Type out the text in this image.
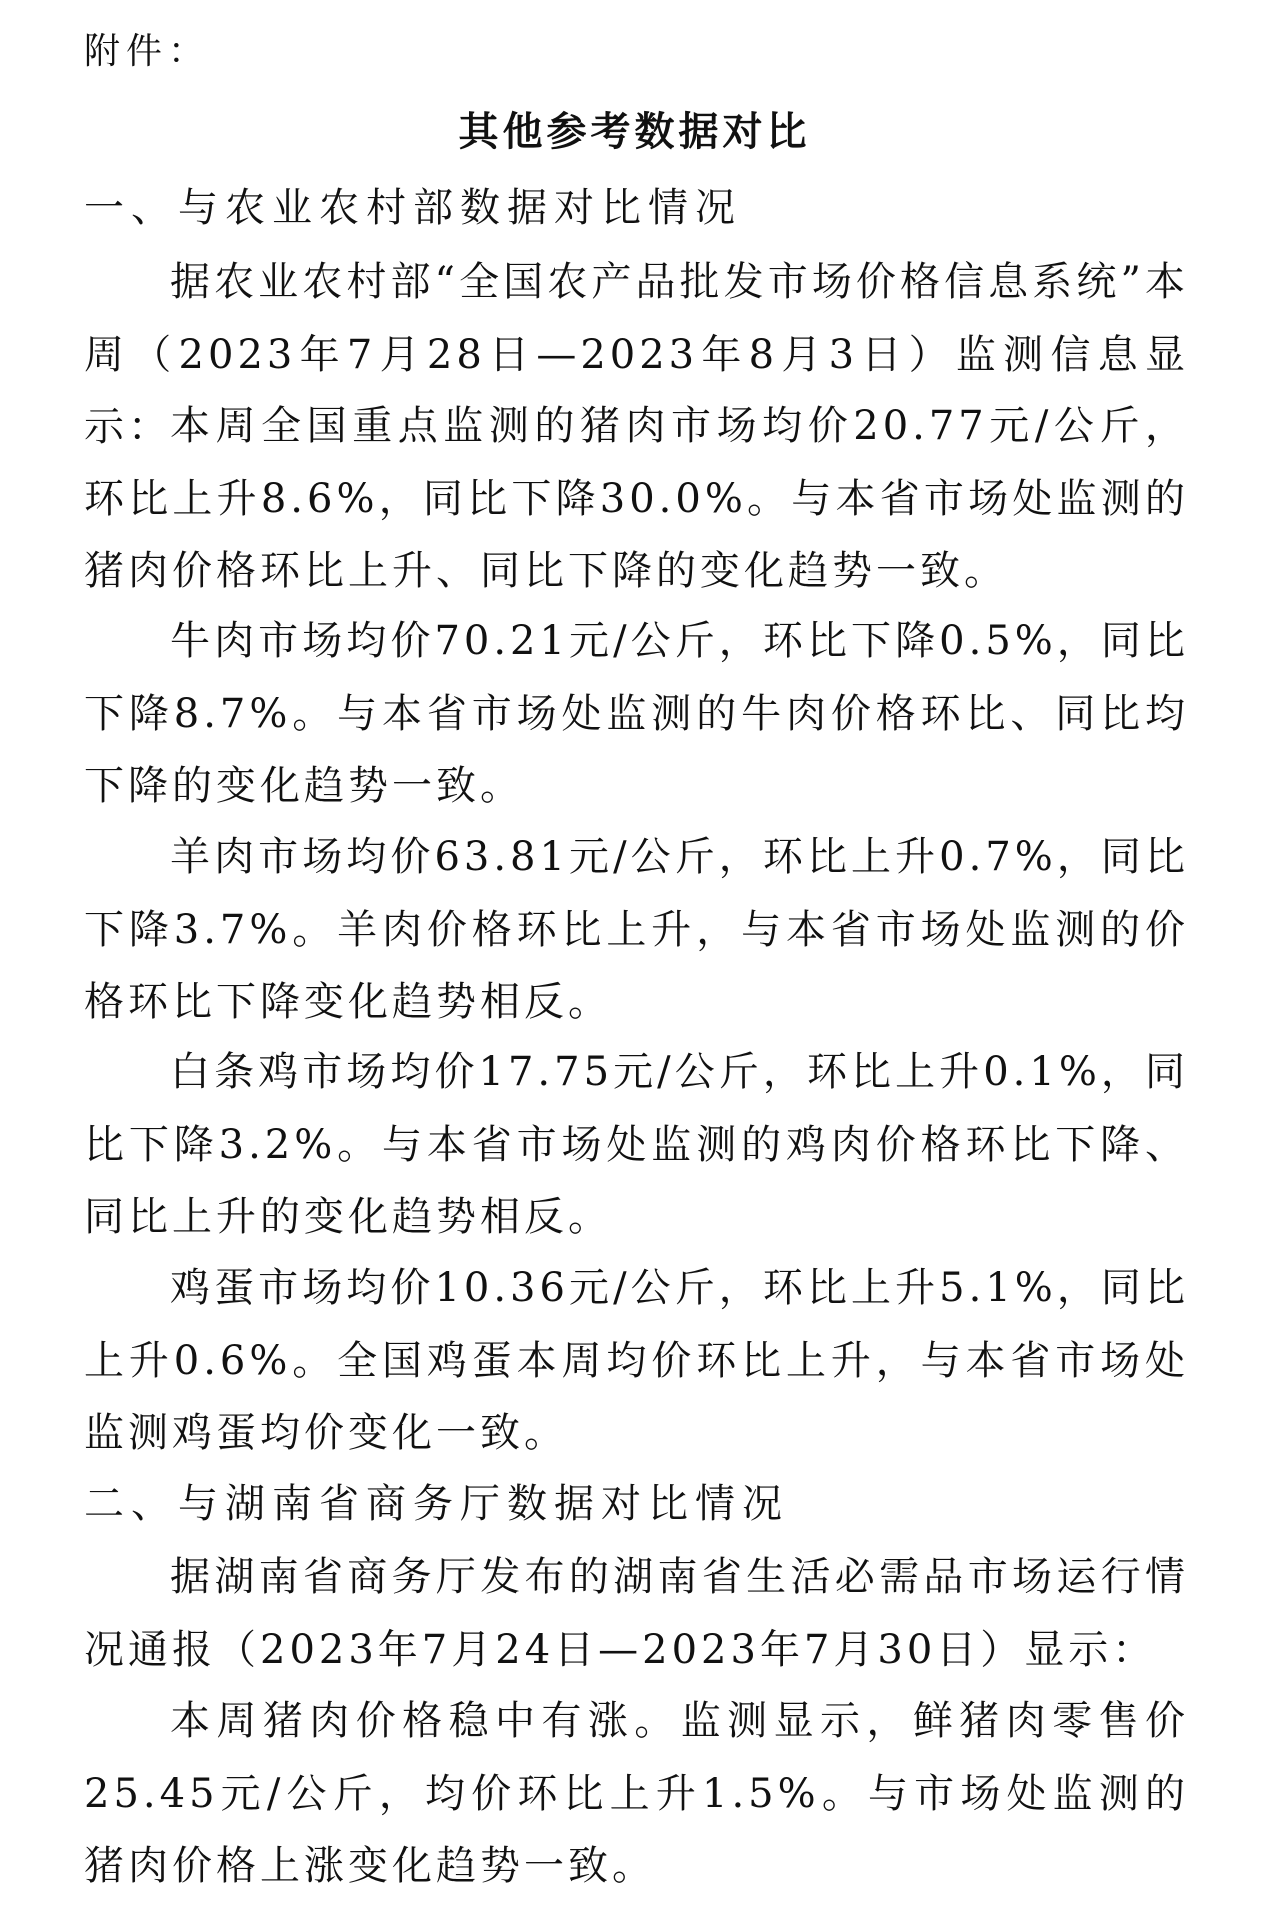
附件：
其他参考数据对比
一、与农业农村部数据对比情况

据农业农村部“全国农产品批发市场价格信息系统”本周（2023年7月28日—2023年8月3日）监测信息显示：

本周全国重点监测的猪肉市场均价20.77元/公斤，环比上升8.6%，同比下降30.0%。与本省市场处监测的猪肉价格环比上升、同比下降的变化趋势一致。

牛肉市场均价70.21元/公斤，环比下降0.5%，同比下降8.7%。与本省市场处监测的牛肉价格环比、同比均下降的变化趋势一致。

羊肉市场均价63.81元/公斤，环比上升0.7%，同比下降3.7%。羊肉价格环比上升，与本省市场处监测的价格环比下降变化趋势相反。

白条鸡市场均价17.75元/公斤，环比上升0.1%，同比下降3.2%。与本省市场处监测的鸡肉价格环比下降、同比上升的变化趋势相反。

鸡蛋市场均价10.36元/公斤，环比上升5.1%，同比上升0.6%。全国鸡蛋本周均价环比上升，与本省市场处监测鸡蛋均价变化一致。

二、与湖南省商务厅数据对比情况

据湖南省商务厅发布的湖南省生活必需品市场运行情况通报（2023年7月24日—2023年7月30日）显示：

本周猪肉价格稳中有涨。监测显示，鲜猪肉零售价25.45元/公斤，均价环比上升1.5%。与市场处监测的猪肉价格上涨变化趋势一致。
